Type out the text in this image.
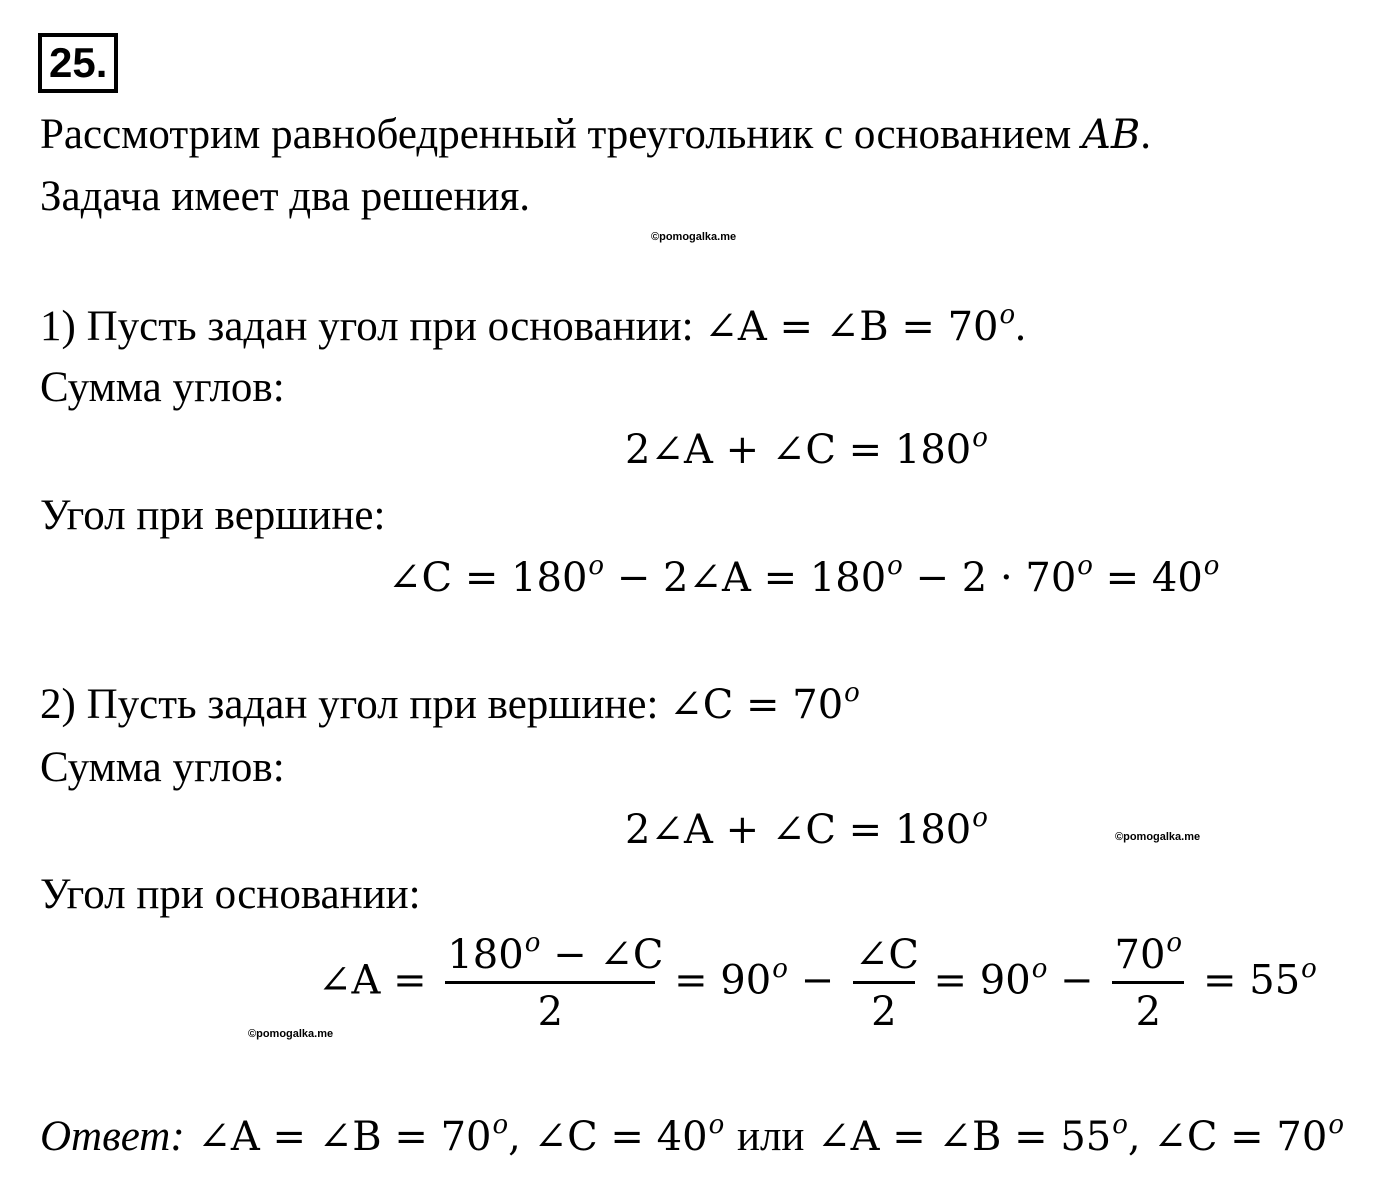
25.
Рассмотрим равнобедренный треугольник с основанием AB.
Задача имеет два решения.
©pomogalka.me
1) Пусть задан угол при основании: ∠A = ∠B = $70^o$.
Сумма углов:
2∠A + ∠C = $180^o$
Угол при вершине:
∠C = $180^o$ − 2∠A = $180^o - 2 \cdot 70^o = 40^o$
2) Пусть задан угол при вершине: ∠C = $70^o$
Сумма углов:
2∠A + ∠C = $180^o$
©pomogalka.me
Угол при основании:
∠A = $\frac{180^o - \angle C}{2} = 90^o - \frac{\angle C}{2} = 90^o - \frac{70^o}{2} = 55^o$
©pomogalka.me
Ответ: ∠A = ∠B = $70^o$, ∠C = $40^o$ или ∠A = ∠B = $55^o$, ∠C = $70^o$
